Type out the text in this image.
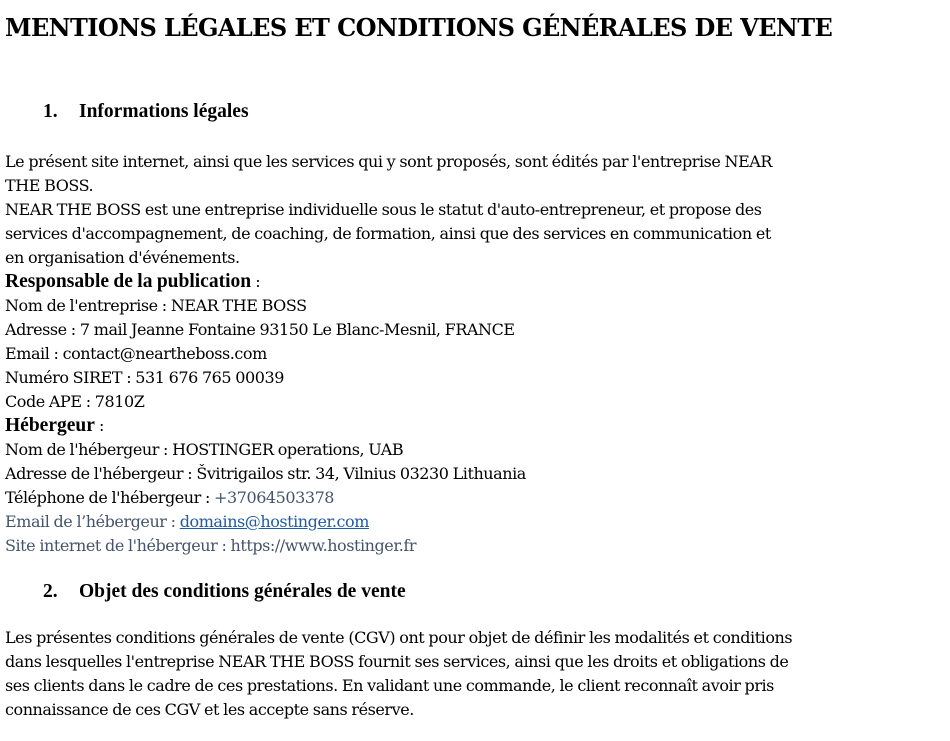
MENTIONS LÉGALES ET CONDITIONS GÉNÉRALES DE VENTE
1.	Informations légales

Le présent site internet, ainsi que les services qui y sont proposés, sont édités par l'entreprise NEAR

THE BOSS.

NEAR THE BOSS est une entreprise individuelle sous le statut d'auto-entrepreneur, et propose des

services d'accompagnement, de coaching, de formation, ainsi que des services en communication et

en organisation d'événements.

Responsable de la publication :

Nom de l'entreprise : NEAR THE BOSS

Adresse : 7 mail Jeanne Fontaine 93150 Le Blanc-Mesnil, FRANCE

Email : contact@neartheboss.com

Numéro SIRET : 531 676 765 00039

Code APE : 7810Z

Hébergeur :

Nom de l'hébergeur : HOSTINGER operations, UAB

Adresse de l'hébergeur : Švitrigailos str. 34, Vilnius 03230 Lithuania

Téléphone de l'hébergeur : +37064503378

Email de l’hébergeur : domains@hostinger.com

Site internet de l'hébergeur : https://www.hostinger.fr

2.	Objet des conditions générales de vente

Les présentes conditions générales de vente (CGV) ont pour objet de définir les modalités et conditions

dans lesquelles l'entreprise NEAR THE BOSS fournit ses services, ainsi que les droits et obligations de

ses clients dans le cadre de ces prestations. En validant une commande, le client reconnaît avoir pris

connaissance de ces CGV et les accepte sans réserve.
